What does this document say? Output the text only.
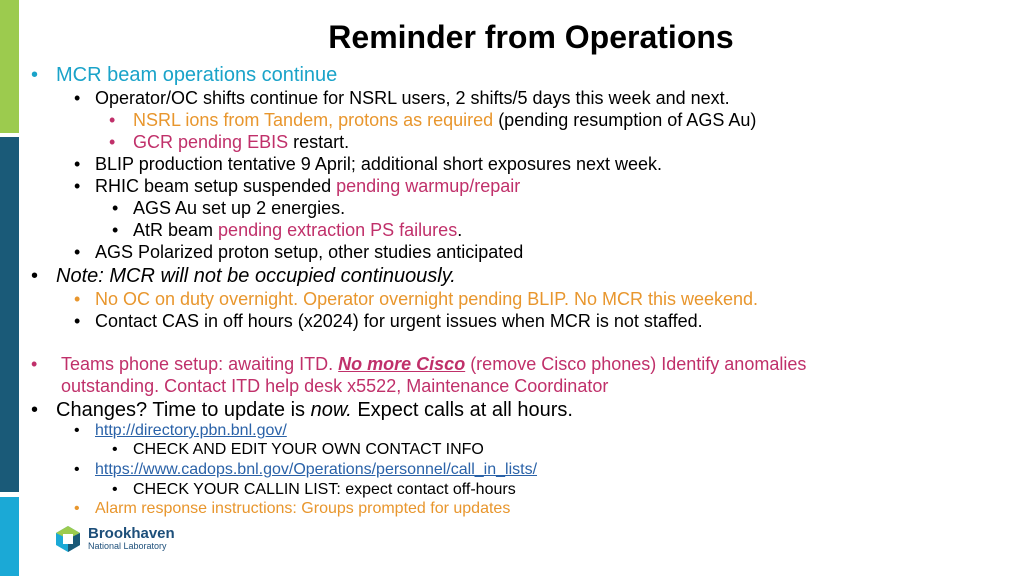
Reminder from Operations
• MCR beam operations continue
• Operator/OC shifts continue for NSRL users, 2 shifts/5 days this week and next.
• NSRL ions from Tandem, protons as required (pending resumption of AGS Au)
• GCR pending EBIS restart.
• BLIP production tentative 9 April; additional short exposures next week.
• RHIC beam setup suspended pending warmup/repair
• AGS Au set up 2 energies.
• AtR beam pending extraction PS failures.
• AGS Polarized proton setup, other studies anticipated
• Note: MCR will not be occupied continuously.
• No OC on duty overnight. Operator overnight pending BLIP. No MCR this weekend.
• Contact CAS in off hours (x2024) for urgent issues when MCR is not staffed.
• Teams phone setup: awaiting ITD. No more Cisco (remove Cisco phones) Identify anomalies
outstanding. Contact ITD help desk x5522, Maintenance Coordinator
• Changes? Time to update is now. Expect calls at all hours.
• http://directory.pbn.bnl.gov/
• CHECK AND EDIT YOUR OWN CONTACT INFO
• https://www.cadops.bnl.gov/Operations/personnel/call_in_lists/
• CHECK YOUR CALLIN LIST: expect contact off-hours
• Alarm response instructions: Groups prompted for updates
Brookhaven
National Laboratory
